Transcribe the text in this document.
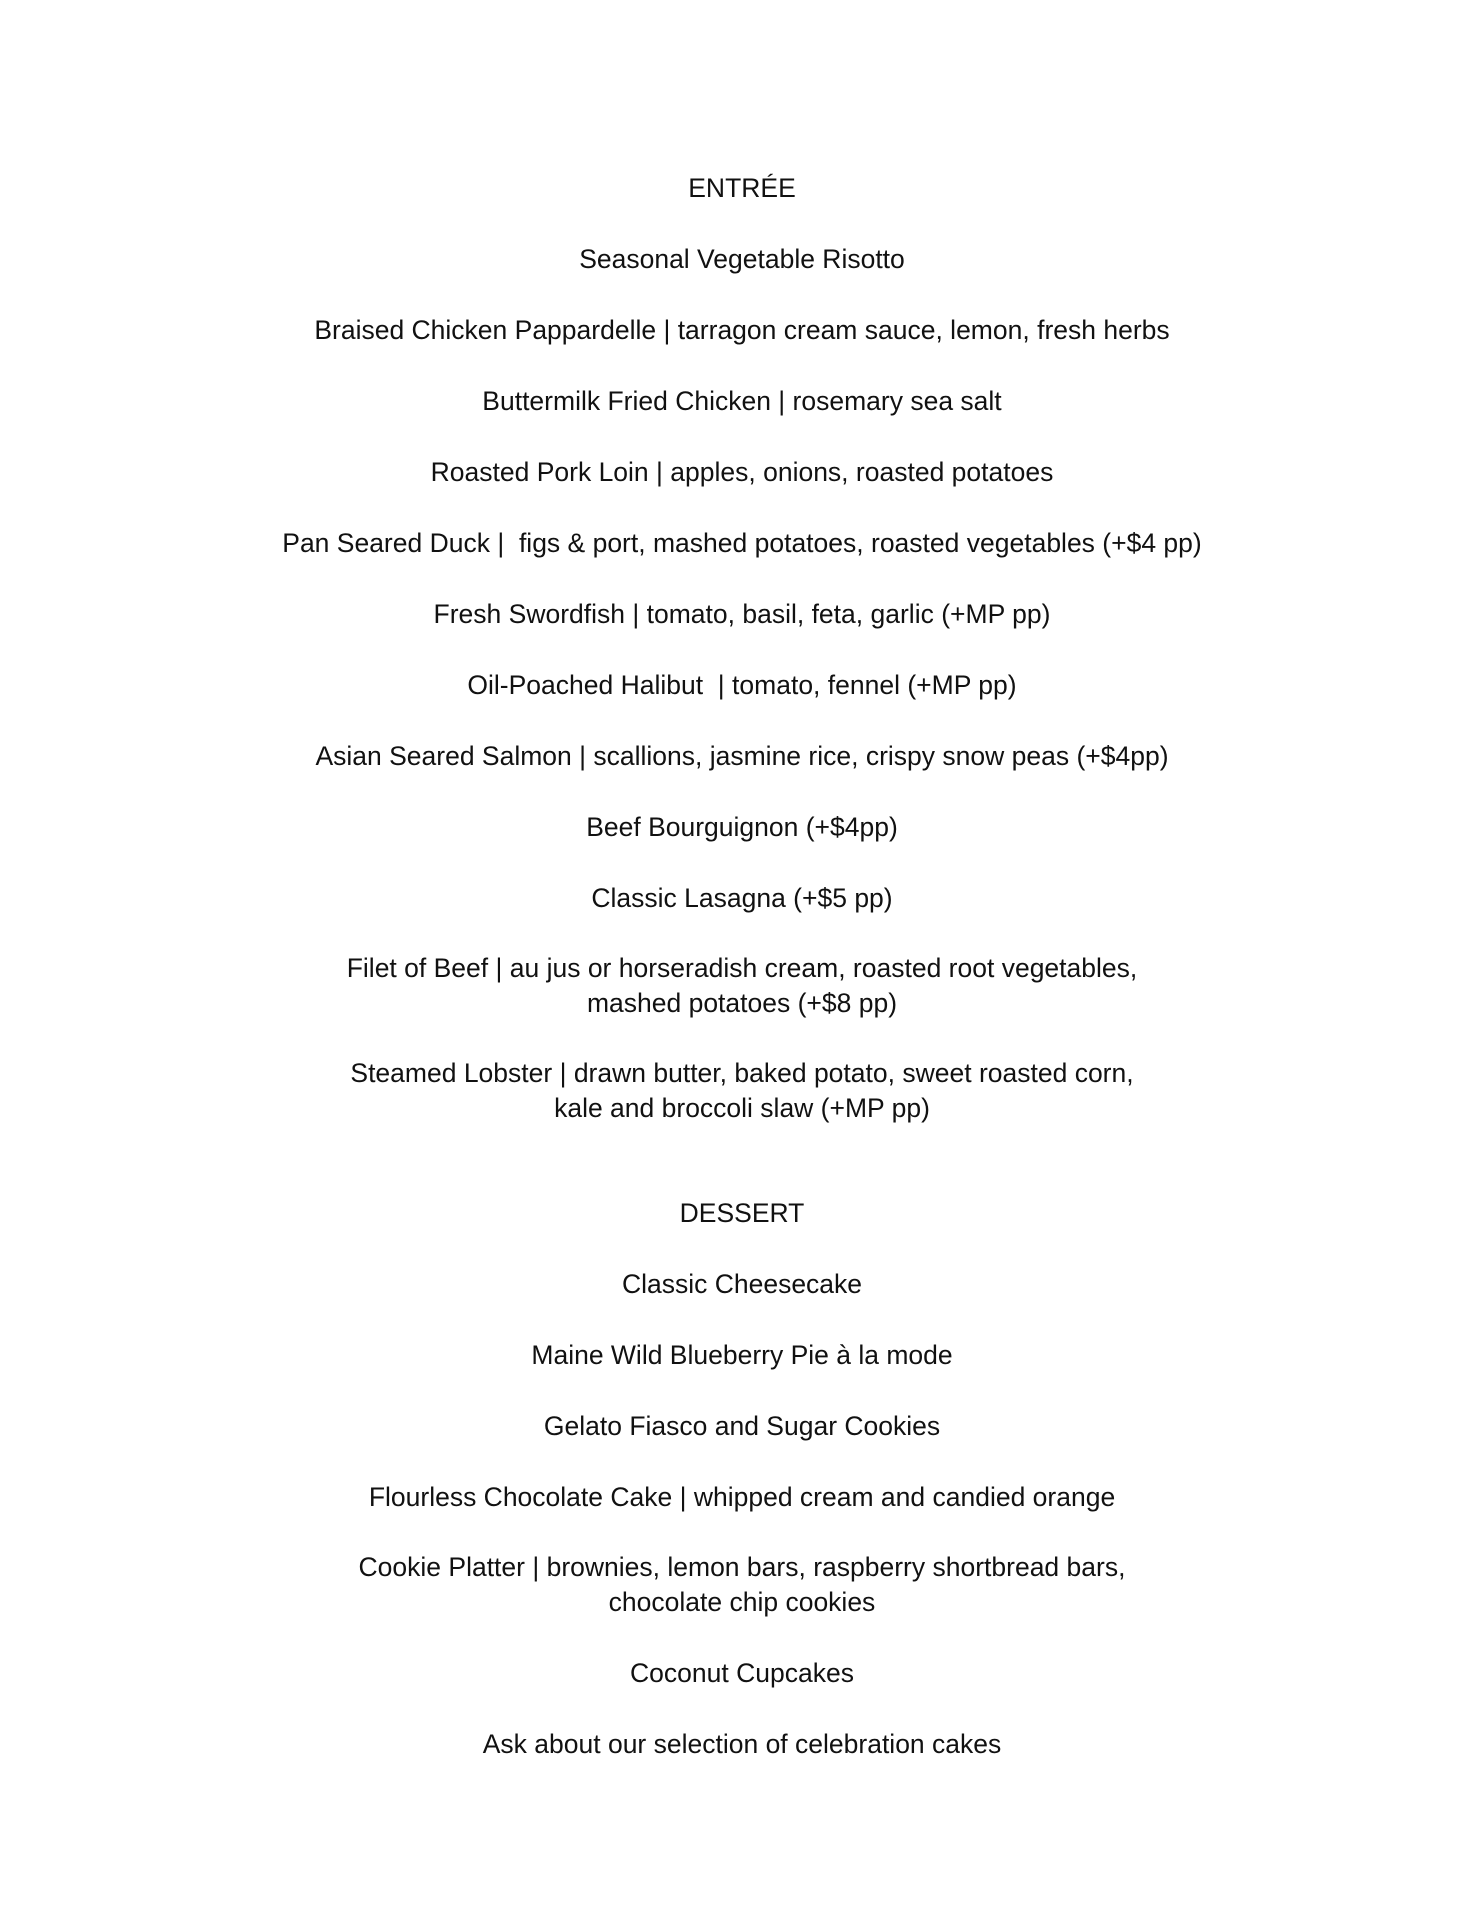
ENTRÉE
Seasonal Vegetable Risotto
Braised Chicken Pappardelle | tarragon cream sauce, lemon, fresh herbs
Buttermilk Fried Chicken | rosemary sea salt
Roasted Pork Loin | apples, onions, roasted potatoes
Pan Seared Duck |  figs & port, mashed potatoes, roasted vegetables (+$4 pp)
Fresh Swordfish | tomato, basil, feta, garlic (+MP pp)
Oil-Poached Halibut  | tomato, fennel (+MP pp)
Asian Seared Salmon | scallions, jasmine rice, crispy snow peas (+$4pp)
Beef Bourguignon (+$4pp)
Classic Lasagna (+$5 pp)
Filet of Beef | au jus or horseradish cream, roasted root vegetables,
mashed potatoes (+$8 pp)
Steamed Lobster | drawn butter, baked potato, sweet roasted corn,
kale and broccoli slaw (+MP pp)
DESSERT
Classic Cheesecake
Maine Wild Blueberry Pie à la mode
Gelato Fiasco and Sugar Cookies
Flourless Chocolate Cake | whipped cream and candied orange
Cookie Platter | brownies, lemon bars, raspberry shortbread bars,
chocolate chip cookies
Coconut Cupcakes
Ask about our selection of celebration cakes
